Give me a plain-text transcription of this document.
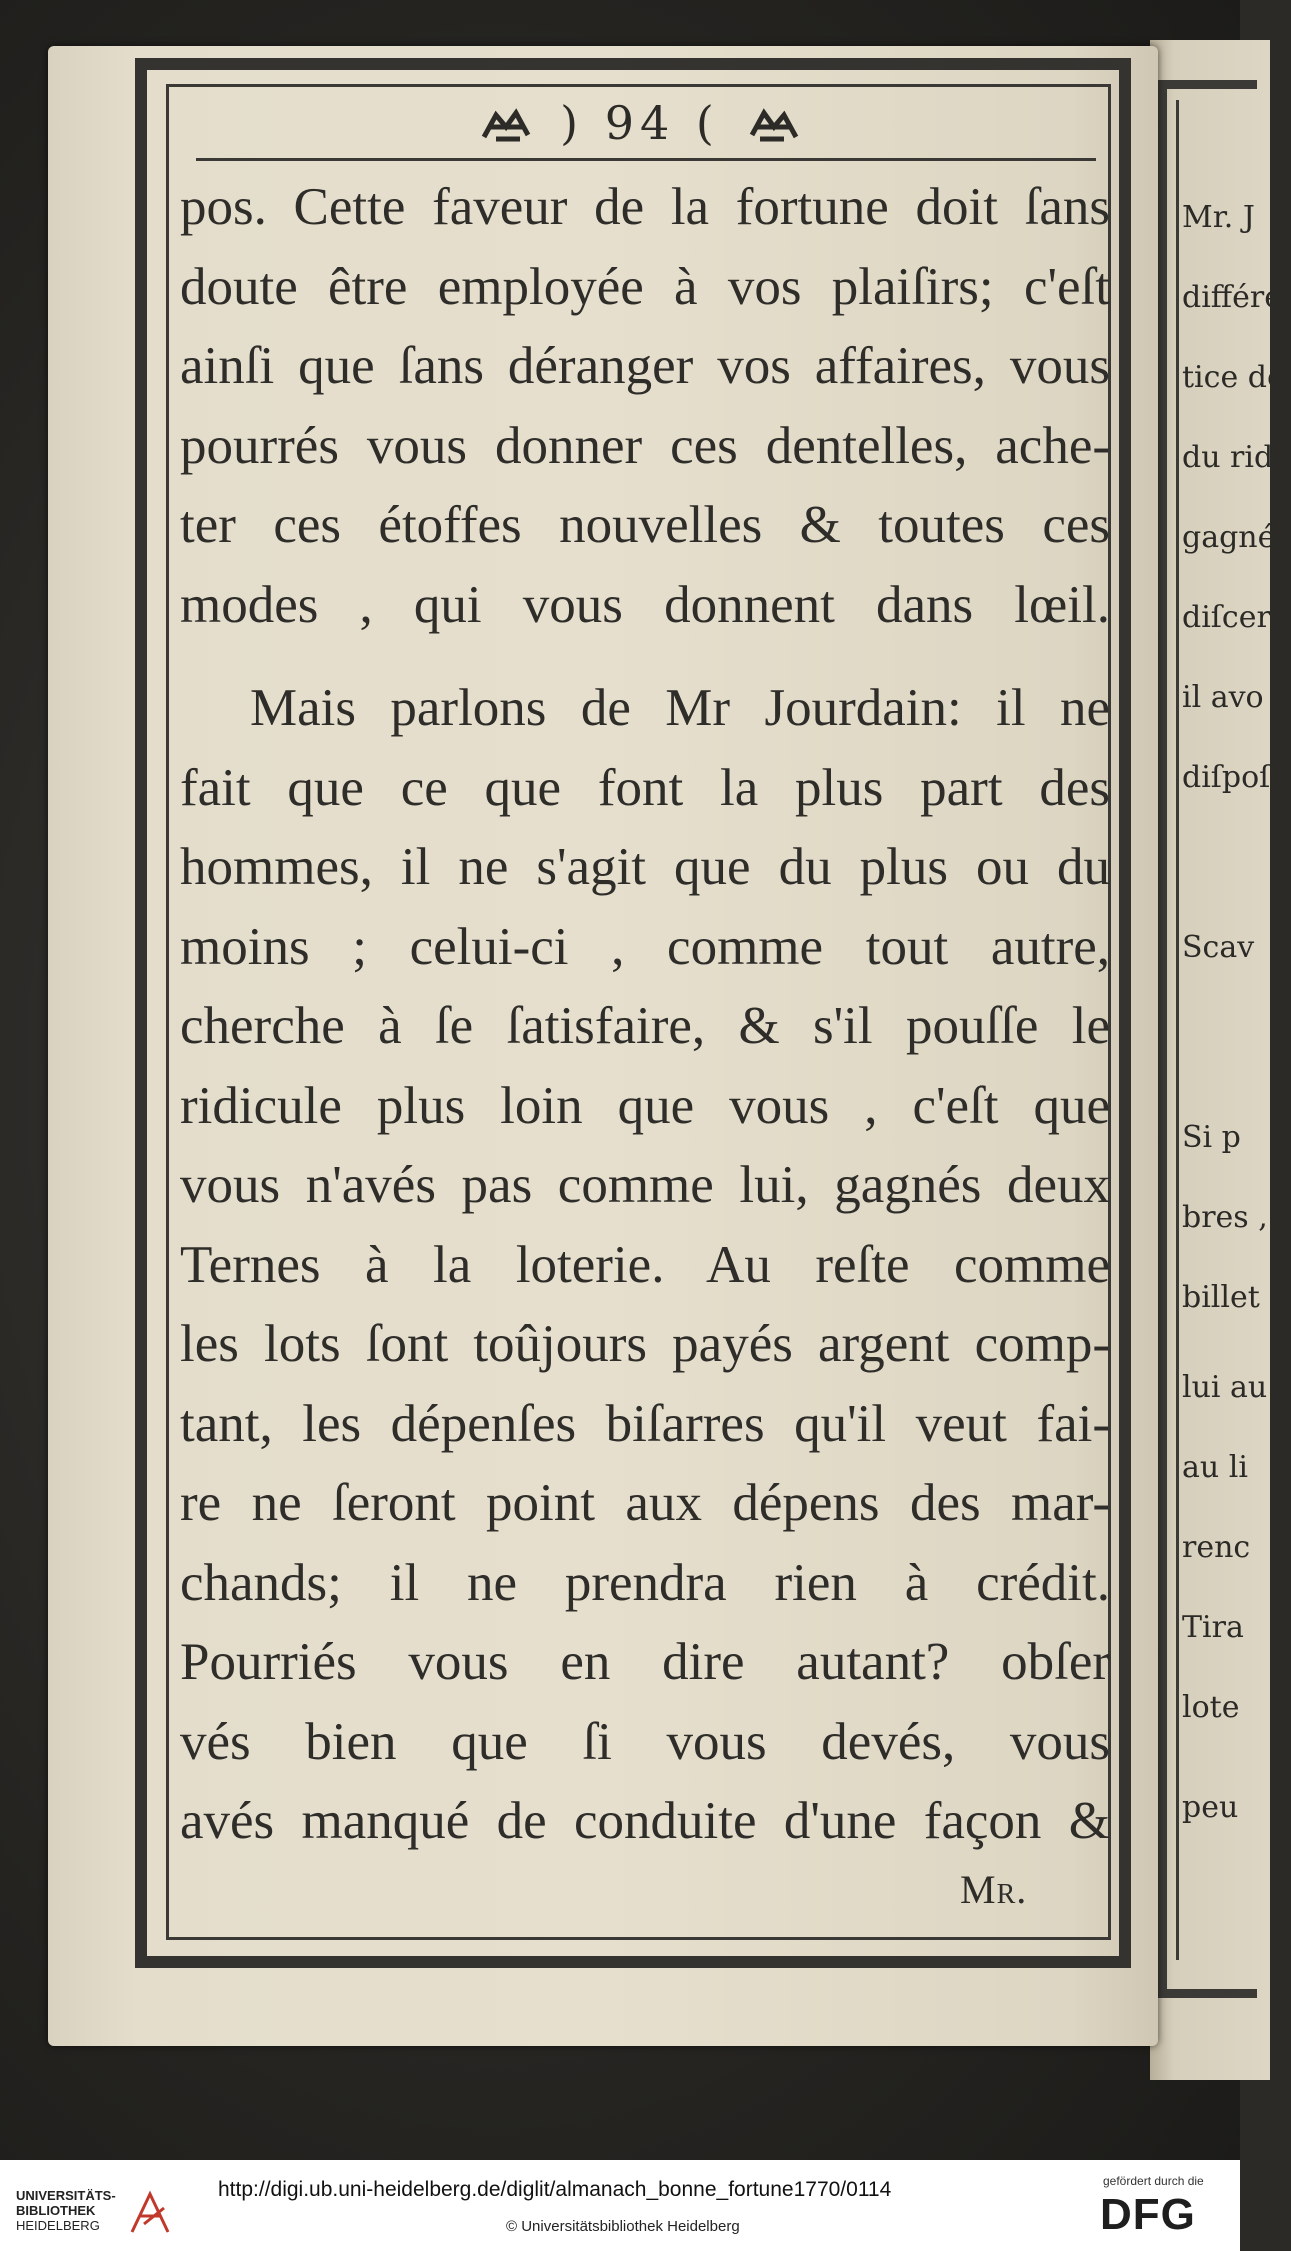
Mr. J
différe
tice de
du ridi
gagnés
diſcern
il avo
diſpoſ
Scav
Si p
bres ,
billet
lui au
au li
renc
Tira
lote
peu
) 94 (
pos. Cette faveur de la fortune doit ſans
doute être employée à vos plaiſirs; c'eſt
ainſi que ſans déranger vos affaires, vous
pourrés vous donner ces dentelles, ache-
ter ces étoffes nouvelles & toutes ces
modes , qui vous donnent dans lœil.
Mais parlons de Mr Jourdain: il ne
fait que ce que font la plus part des
hommes, il ne s'agit que du plus ou du
moins ; celui-ci , comme tout autre,
cherche à ſe ſatisfaire, & s'il pouſſe le
ridicule plus loin que vous , c'eſt que
vous n'avés pas comme lui, gagnés deux
Ternes à la loterie. Au reſte comme
les lots ſont toûjours payés argent comp-
tant, les dépenſes biſarres qu'il veut fai-
re ne ſeront point aux dépens des mar-
chands; il ne prendra rien à crédit.
Pourriés vous en dire autant? obſer
vés bien que ſi vous devés, vous
avés manqué de conduite d'une façon &
Mr.

UNIVERSITÄTS-

BIBLIOTHEK

HEIDELBERG

http://digi.ub.uni-heidelberg.de/diglit/almanach_bonne_fortune1770/0114
© Universitätsbibliothek Heidelberg
gefördert durch die
DFG
